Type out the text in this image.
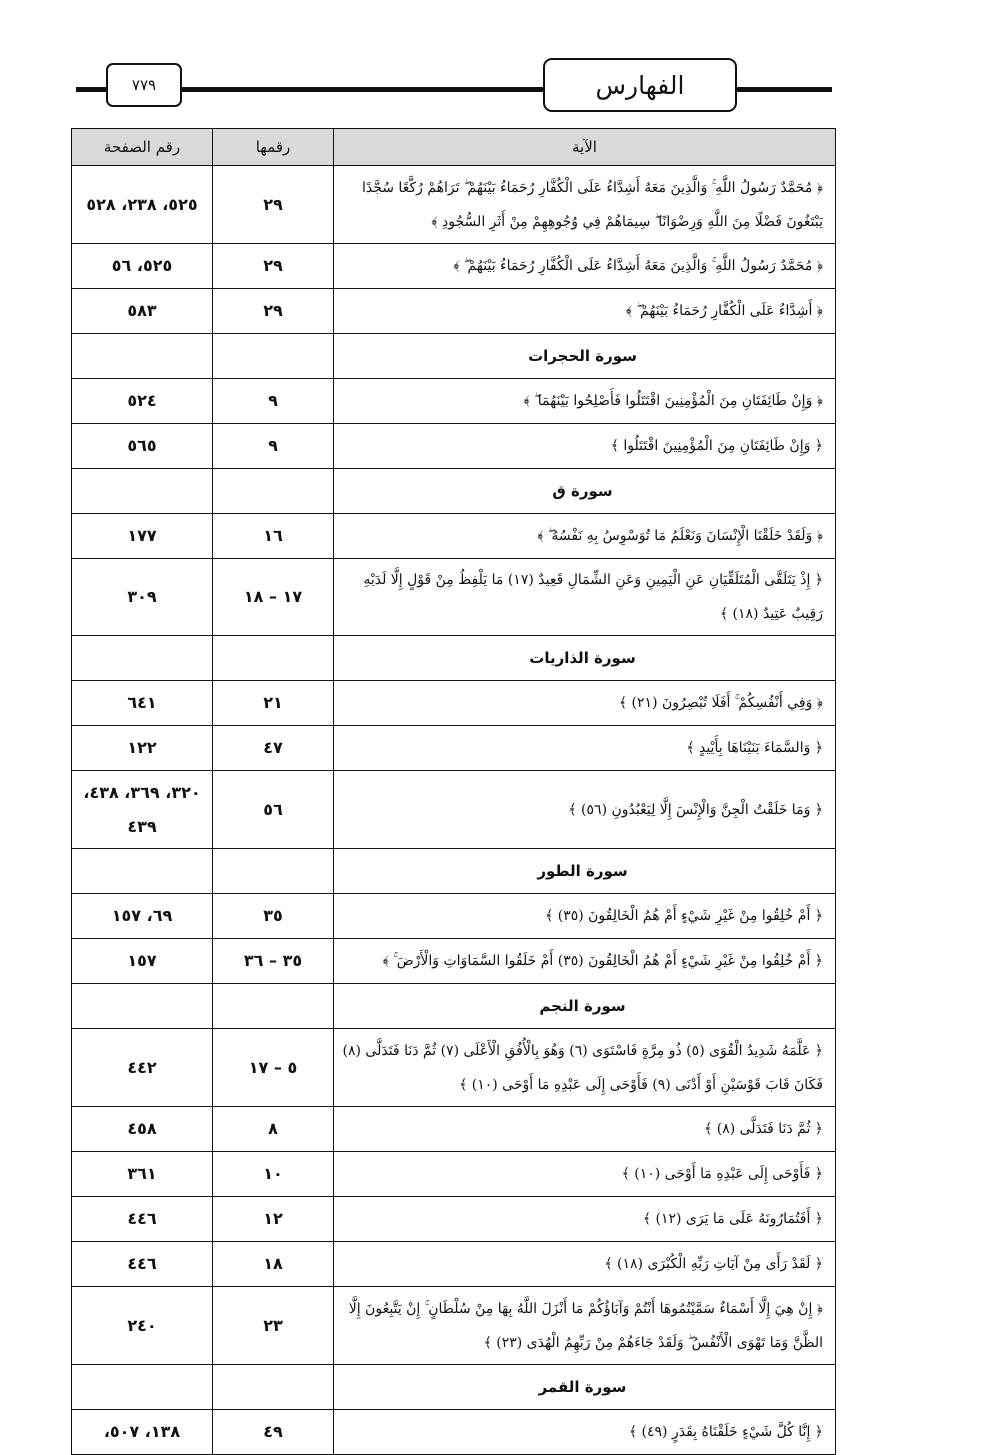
الفهارس
٧٧٩
الآية	رقمها	رقم الصفحة
﴿ مُحَمَّدٌ رَسُولُ اللَّهِ ۚ وَالَّذِينَ مَعَهُ أَشِدَّاءُ عَلَى الْكُفَّارِ رُحَمَاءُ بَيْنَهُمْ ۖ تَرَاهُمْ رُكَّعًا سُجَّدًا يَبْتَغُونَ فَضْلًا مِنَ اللَّهِ وَرِضْوَانًا ۖ سِيمَاهُمْ فِي وُجُوهِهِمْ مِنْ أَثَرِ السُّجُودِ ﴾	٢٩	٥٢٥، ٢٣٨، ٥٢٨
﴿ مُحَمَّدٌ رَسُولُ اللَّهِ ۚ وَالَّذِينَ مَعَهُ أَشِدَّاءُ عَلَى الْكُفَّارِ رُحَمَاءُ بَيْنَهُمْ ۖ ﴾	٢٩	٥٢٥، ٥٦
﴿ أَشِدَّاءُ عَلَى الْكُفَّارِ رُحَمَاءُ بَيْنَهُمْ ۖ ﴾	٢٩	٥٨٣
سورة الحجرات		
﴿ وَإِنْ طَائِفَتَانِ مِنَ الْمُؤْمِنِينَ اقْتَتَلُوا فَأَصْلِحُوا بَيْنَهُمَا ۖ ﴾	٩	٥٢٤
﴿ وَإِنْ طَائِفَتَانِ مِنَ الْمُؤْمِنِينَ اقْتَتَلُوا ﴾	٩	٥٦٥
سورة ق		
﴿ وَلَقَدْ خَلَقْنَا الْإِنْسَانَ وَنَعْلَمُ مَا تُوَسْوِسُ بِهِ نَفْسُهُ ۖ ﴾	١٦	١٧٧
﴿ إِذْ يَتَلَقَّى الْمُتَلَقِّيَانِ عَنِ الْيَمِينِ وَعَنِ الشِّمَالِ قَعِيدٌ (١٧) مَا يَلْفِظُ مِنْ قَوْلٍ إِلَّا لَدَيْهِ رَقِيبٌ عَتِيدٌ (١٨) ﴾	١٧ – ١٨	٣٠٩
سورة الذاريات		
﴿ وَفِي أَنْفُسِكُمْ ۚ أَفَلَا تُبْصِرُونَ (٢١) ﴾	٢١	٦٤١
﴿ وَالسَّمَاءَ بَنَيْنَاهَا بِأَيْيدٍ ﴾	٤٧	١٢٢
﴿ وَمَا خَلَقْتُ الْجِنَّ وَالْإِنْسَ إِلَّا لِيَعْبُدُونِ (٥٦) ﴾	٥٦	٣٢٠، ٣٦٩، ٤٣٨، ٤٣٩
سورة الطور		
﴿ أَمْ خُلِقُوا مِنْ غَيْرِ شَيْءٍ أَمْ هُمُ الْخَالِقُونَ (٣٥) ﴾	٣٥	٦٩، ١٥٧
﴿ أَمْ خُلِقُوا مِنْ غَيْرِ شَيْءٍ أَمْ هُمُ الْخَالِقُونَ (٣٥) أَمْ خَلَقُوا السَّمَاوَاتِ وَالْأَرْضَ ۚ ﴾	٣٥ – ٣٦	١٥٧
سورة النجم		
﴿ عَلَّمَهُ شَدِيدُ الْقُوَى (٥) ذُو مِرَّةٍ فَاسْتَوَى (٦) وَهُوَ بِالْأُفُقِ الْأَعْلَى (٧) ثُمَّ دَنَا فَتَدَلَّى (٨) فَكَانَ قَابَ قَوْسَيْنِ أَوْ أَدْنَى (٩) فَأَوْحَى إِلَى عَبْدِهِ مَا أَوْحَى (١٠) ﴾	٥ – ١٧	٤٤٢
﴿ ثُمَّ دَنَا فَتَدَلَّى (٨) ﴾	٨	٤٥٨
﴿ فَأَوْحَى إِلَى عَبْدِهِ مَا أَوْحَى (١٠) ﴾	١٠	٣٦١
﴿ أَفَتُمَارُونَهُ عَلَى مَا يَرَى (١٢) ﴾	١٢	٤٤٦
﴿ لَقَدْ رَأَى مِنْ آيَاتِ رَبِّهِ الْكُبْرَى (١٨) ﴾	١٨	٤٤٦
﴿ إِنْ هِيَ إِلَّا أَسْمَاءٌ سَمَّيْتُمُوهَا أَنْتُمْ وَآبَاؤُكُمْ مَا أَنْزَلَ اللَّهُ بِهَا مِنْ سُلْطَانٍ ۚ إِنْ يَتَّبِعُونَ إِلَّا الظَّنَّ وَمَا تَهْوَى الْأَنْفُسُ ۖ وَلَقَدْ جَاءَهُمْ مِنْ رَبِّهِمُ الْهُدَى (٢٣) ﴾	٢٣	٢٤٠
سورة القمر		
﴿ إِنَّا كُلَّ شَيْءٍ خَلَقْنَاهُ بِقَدَرٍ (٤٩) ﴾	٤٩	١٣٨، ٥٠٧،
